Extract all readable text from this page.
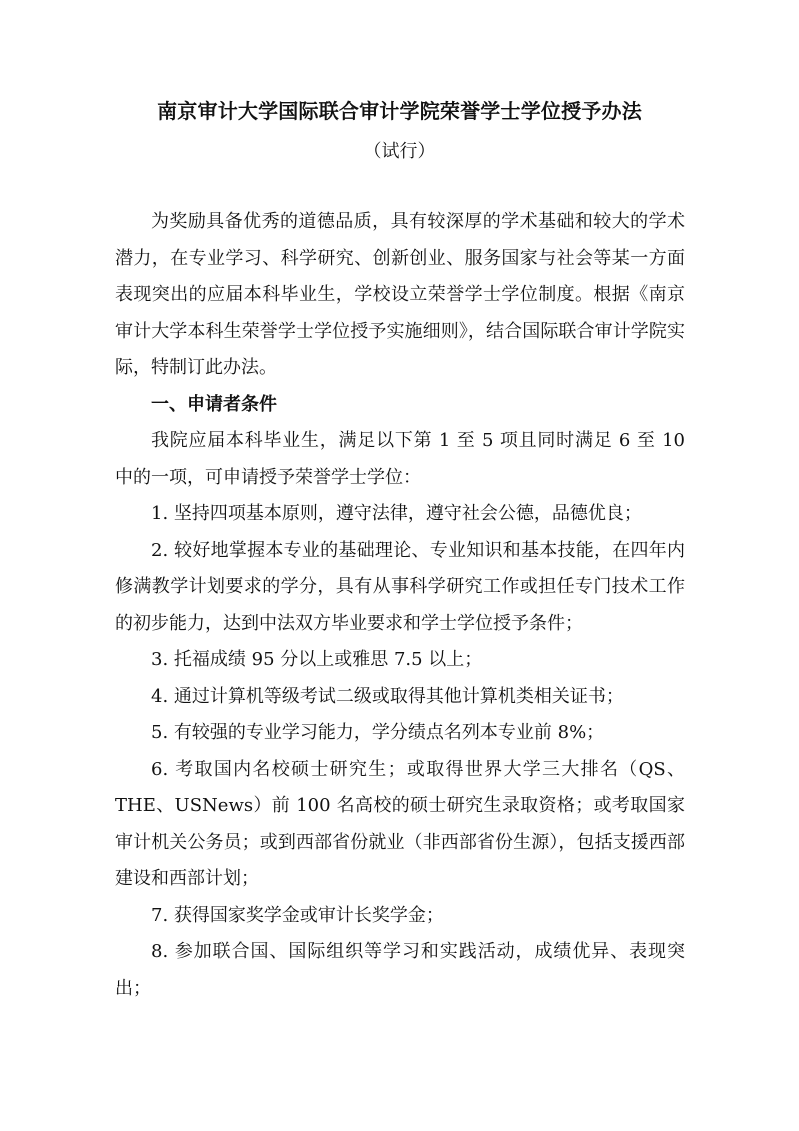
南京审计大学国际联合审计学院荣誉学士学位授予办法
（试行）

为奖励具备优秀的道德品质，具有较深厚的学术基础和较大的学术潜力，在专业学习、科学研究、创新创业、服务国家与社会等某一方面表现突出的应届本科毕业生，学校设立荣誉学士学位制度。根据《南京审计大学本科生荣誉学士学位授予实施细则》，结合国际联合审计学院实际，特制订此办法。

一、申请者条件

我院应届本科毕业生，满足以下第 1 至 5 项且同时满足 6 至 10 中的一项，可申请授予荣誉学士学位：

1. 坚持四项基本原则，遵守法律，遵守社会公德，品德优良；

2. 较好地掌握本专业的基础理论、专业知识和基本技能，在四年内修满教学计划要求的学分，具有从事科学研究工作或担任专门技术工作的初步能力，达到中法双方毕业要求和学士学位授予条件；

3. 托福成绩 95 分以上或雅思 7.5 以上；

4. 通过计算机等级考试二级或取得其他计算机类相关证书；

5. 有较强的专业学习能力，学分绩点名列本专业前 8%；

6. 考取国内名校硕士研究生；或取得世界大学三大排名（QS、THE、USNews）前 100 名高校的硕士研究生录取资格；或考取国家审计机关公务员；或到西部省份就业（非西部省份生源），包括支援西部建设和西部计划；

7. 获得国家奖学金或审计长奖学金；

8. 参加联合国、国际组织等学习和实践活动，成绩优异、表现突出；
